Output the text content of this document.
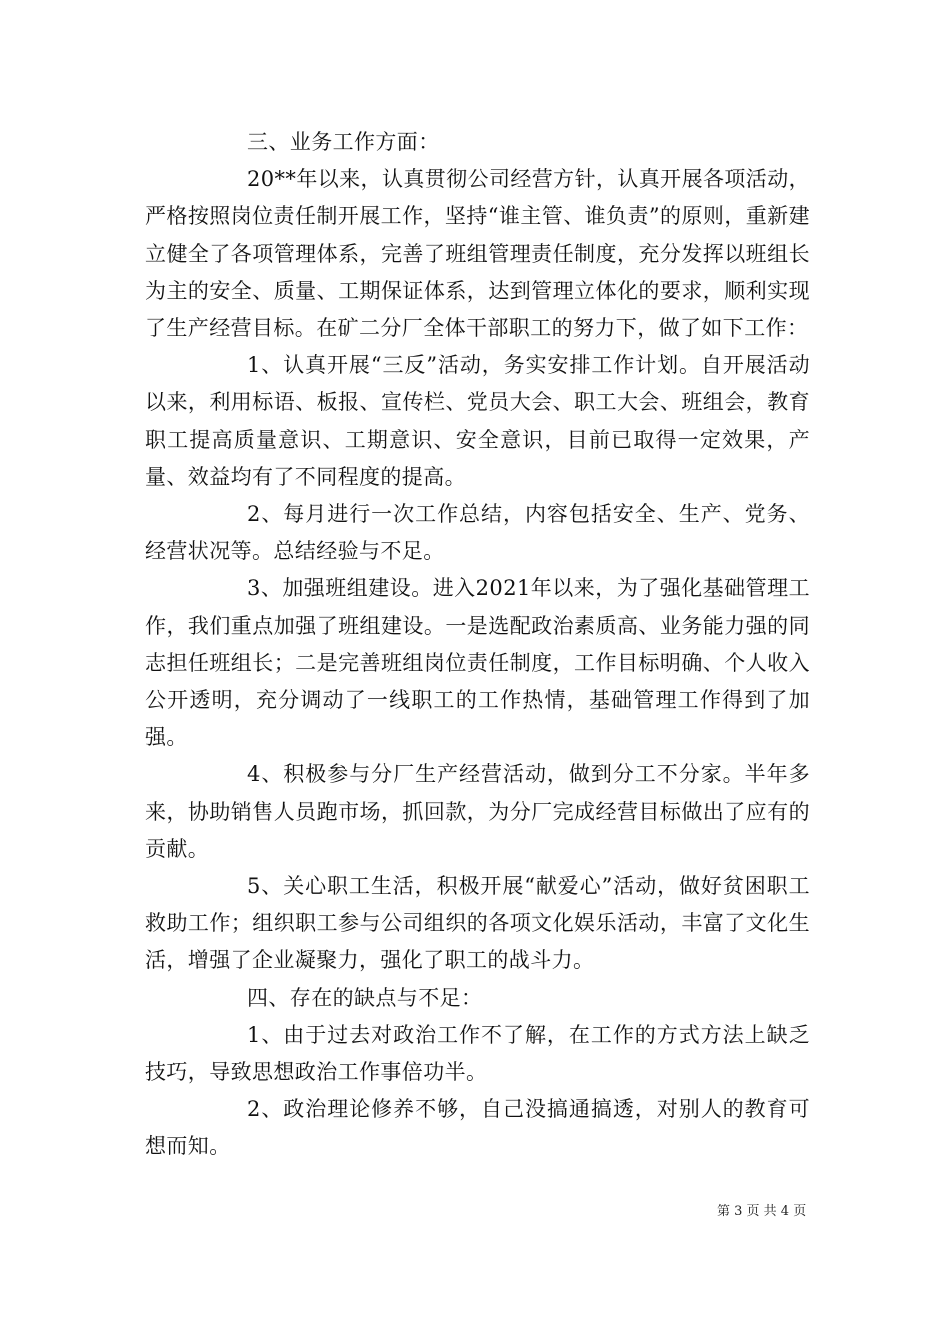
三、业务工作方面：

20**年以来，认真贯彻公司经营方针，认真开展各项活动，严格按照岗位责任制开展工作，坚持“谁主管、谁负责”的原则，重新建立健全了各项管理体系，完善了班组管理责任制度，充分发挥以班组长为主的安全、质量、工期保证体系，达到管理立体化的要求，顺利实现了生产经营目标。在矿二分厂全体干部职工的努力下，做了如下工作：

1、认真开展“三反”活动，务实安排工作计划。自开展活动以来，利用标语、板报、宣传栏、党员大会、职工大会、班组会，教育职工提高质量意识、工期意识、安全意识，目前已取得一定效果，产量、效益均有了不同程度的提高。

2、每月进行一次工作总结，内容包括安全、生产、党务、经营状况等。总结经验与不足。

3、加强班组建设。进入2021年以来，为了强化基础管理工作，我们重点加强了班组建设。一是选配政治素质高、业务能力强的同志担任班组长；二是完善班组岗位责任制度，工作目标明确、个人收入公开透明，充分调动了一线职工的工作热情，基础管理工作得到了加强。

4、积极参与分厂生产经营活动，做到分工不分家。半年多来，协助销售人员跑市场，抓回款，为分厂完成经营目标做出了应有的贡献。

5、关心职工生活，积极开展“献爱心”活动，做好贫困职工救助工作；组织职工参与公司组织的各项文化娱乐活动，丰富了文化生活，增强了企业凝聚力，强化了职工的战斗力。

四、存在的缺点与不足：

1、由于过去对政治工作不了解，在工作的方式方法上缺乏技巧，导致思想政治工作事倍功半。

2、政治理论修养不够，自己没搞通搞透，对别人的教育可想而知。

第 3 页 共 4 页
